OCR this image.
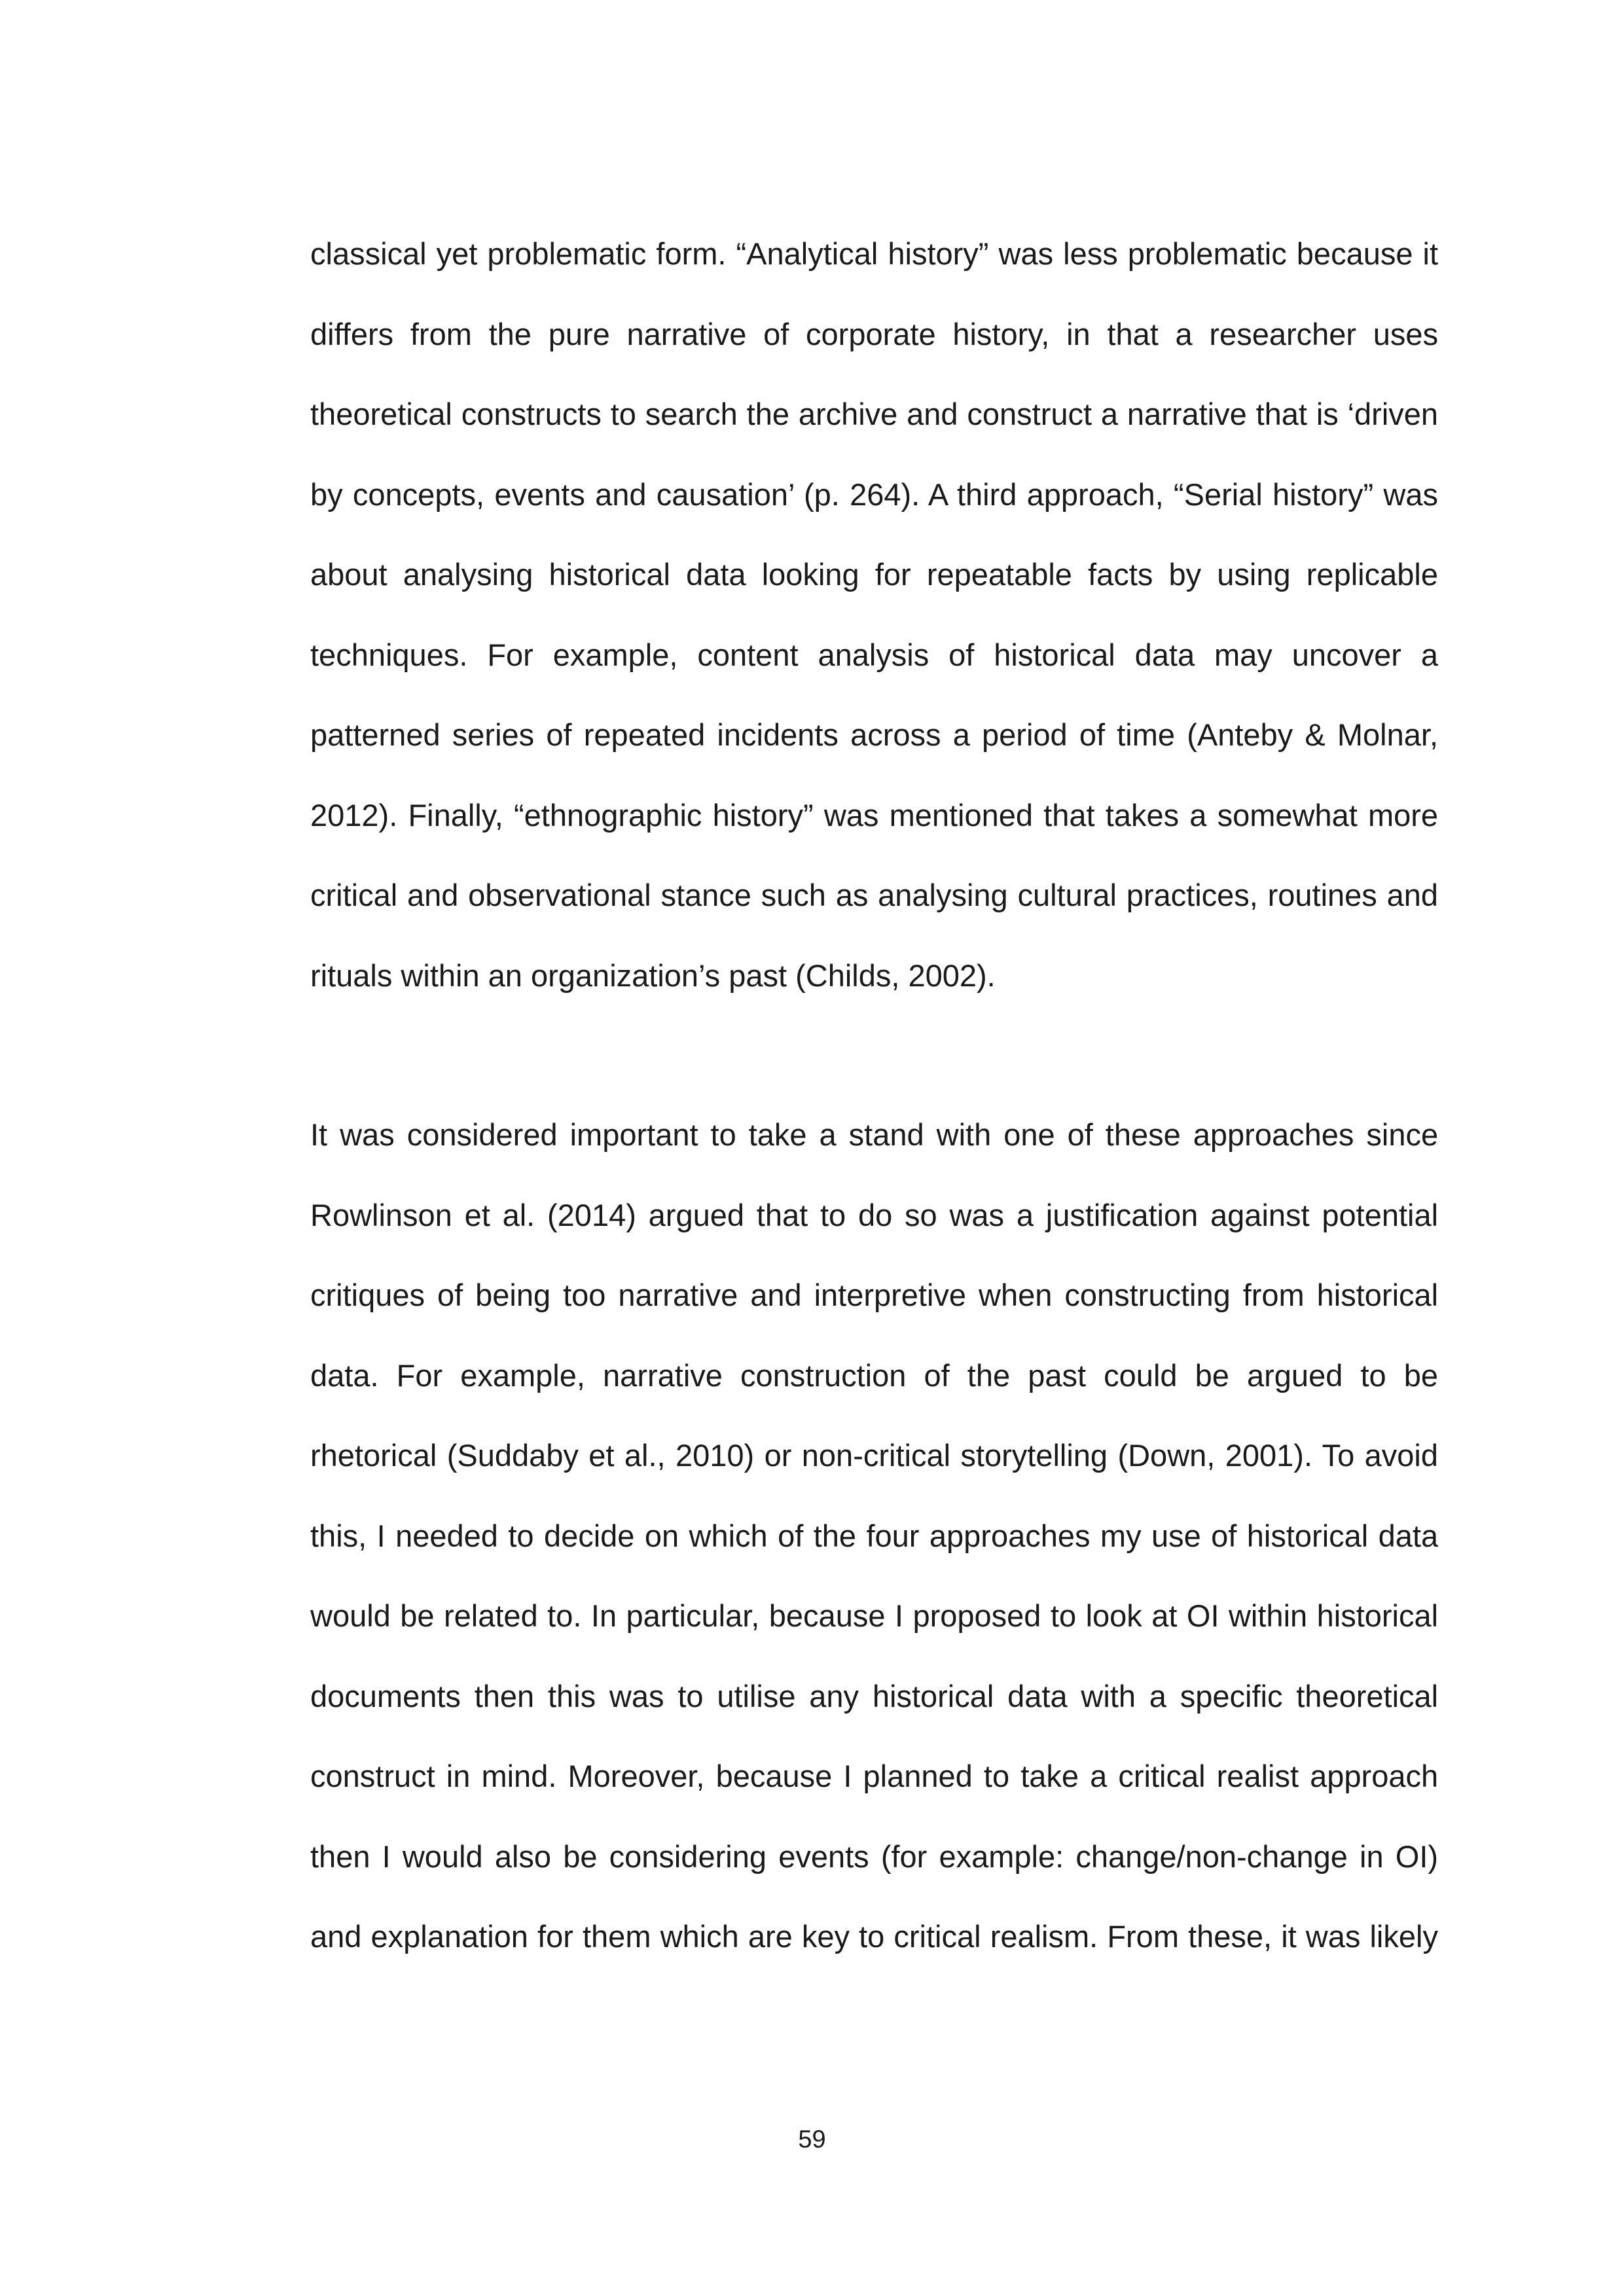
classical yet problematic form. “Analytical history” was less problematic because it
differs from the pure narrative of corporate history, in that a researcher uses
theoretical constructs to search the archive and construct a narrative that is ‘driven
by concepts, events and causation’ (p. 264). A third approach, “Serial history” was
about analysing historical data looking for repeatable facts by using replicable
techniques. For example, content analysis of historical data may uncover a
patterned series of repeated incidents across a period of time (Anteby & Molnar,
2012). Finally, “ethnographic history” was mentioned that takes a somewhat more
critical and observational stance such as analysing cultural practices, routines and
rituals within an organization’s past (Childs, 2002).
It was considered important to take a stand with one of these approaches since
Rowlinson et al. (2014) argued that to do so was a justification against potential
critiques of being too narrative and interpretive when constructing from historical
data. For example, narrative construction of the past could be argued to be
rhetorical (Suddaby et al., 2010) or non-critical storytelling (Down, 2001). To avoid
this, I needed to decide on which of the four approaches my use of historical data
would be related to. In particular, because I proposed to look at OI within historical
documents then this was to utilise any historical data with a specific theoretical
construct in mind. Moreover, because I planned to take a critical realist approach
then I would also be considering events (for example: change/non-change in OI)
and explanation for them which are key to critical realism. From these, it was likely
59
